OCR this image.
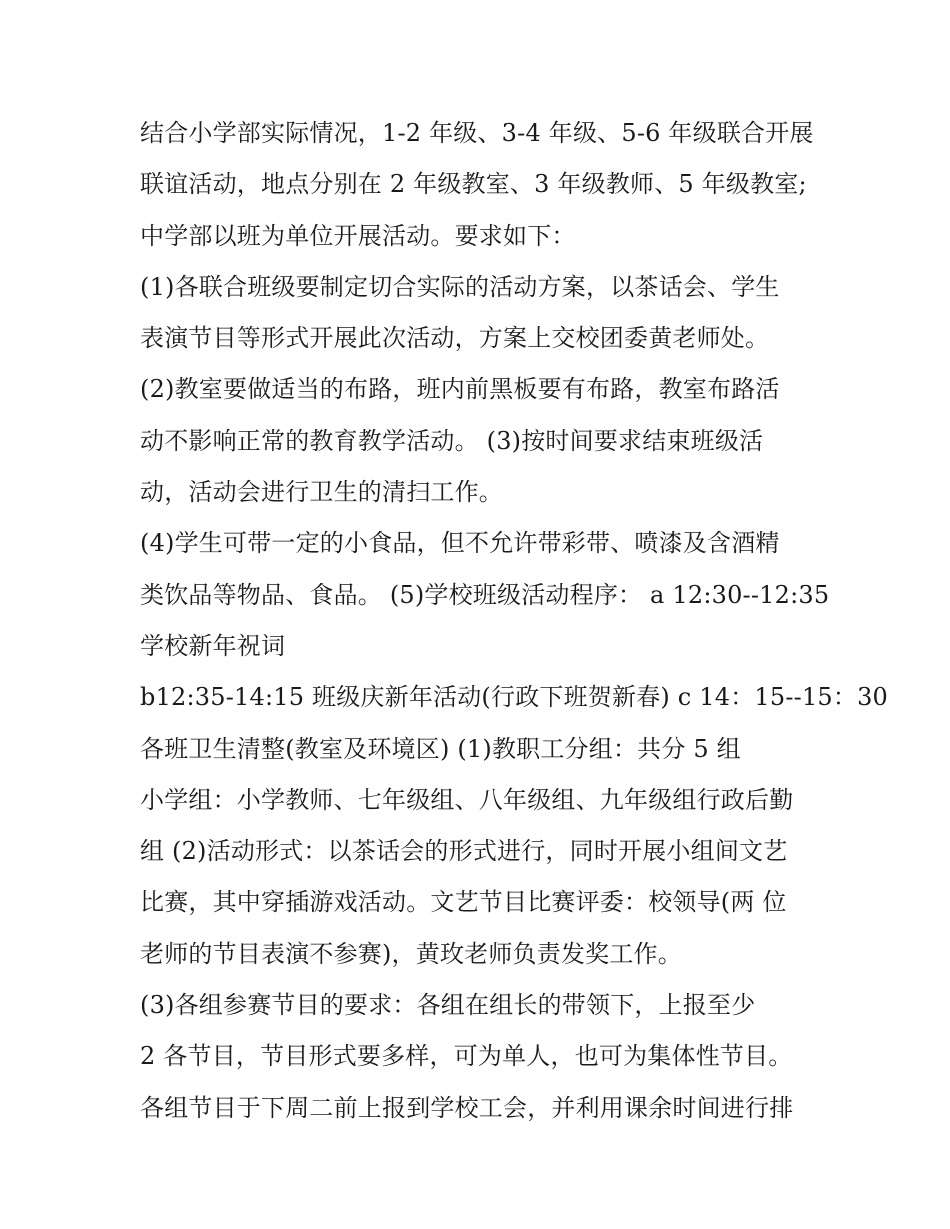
结合小学部实际情况，1-2 年级、3-4 年级、5-6 年级联合开展
联谊活动，地点分别在 2 年级教室、3 年级教师、5 年级教室;
中学部以班为单位开展活动。要求如下：
(1)各联合班级要制定切合实际的活动方案，以茶话会、学生
表演节目等形式开展此次活动，方案上交校团委黄老师处。
(2)教室要做适当的布路，班内前黑板要有布路，教室布路活
动不影响正常的教育教学活动。 (3)按时间要求结束班级活
动，活动会进行卫生的清扫工作。
(4)学生可带一定的小食品，但不允许带彩带、喷漆及含酒精
类饮品等物品、食品。 (5)学校班级活动程序： a 12:30--12:35
学校新年祝词
b12:35-14:15 班级庆新年活动(行政下班贺新春) c 14：15--15：30
各班卫生清整(教室及环境区) (1)教职工分组：共分 5 组
小学组：小学教师、七年级组、八年级组、九年级组行政后勤
组 (2)活动形式：以茶话会的形式进行，同时开展小组间文艺
比赛，其中穿插游戏活动。文艺节目比赛评委：校领导(两 位
老师的节目表演不参赛)，黄玫老师负责发奖工作。
(3)各组参赛节目的要求：各组在组长的带领下，上报至少
2 各节目，节目形式要多样，可为单人，也可为集体性节目。
各组节目于下周二前上报到学校工会，并利用课余时间进行排
